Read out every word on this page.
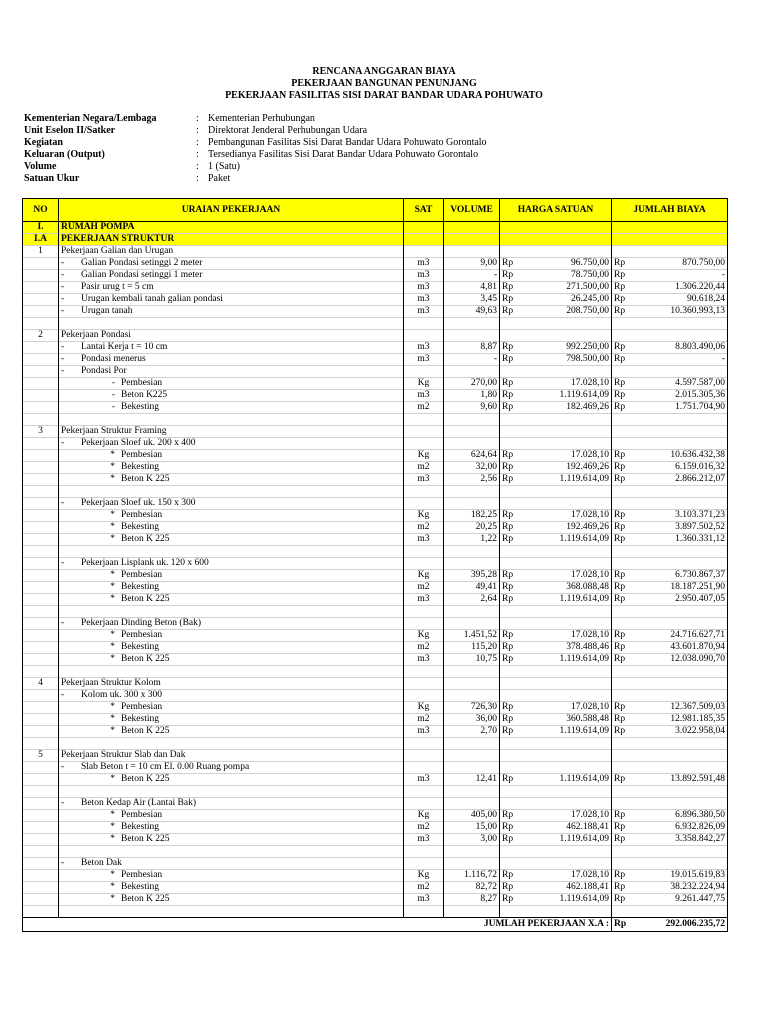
RENCANA ANGGARAN BIAYA
PEKERJAAN BANGUNAN PENUNJANG
PEKERJAAN FASILITAS SISI DARAT BANDAR UDARA POHUWATO
Kementerian Negara/Lembaga	: Kementerian Perhubungan
Unit Eselon II/Satker	: Direktorat Jenderal Perhubungan Udara
Kegiatan	: Pembangunan Fasilitas Sisi Darat Bandar Udara Pohuwato Gorontalo
Keluaran (Output)	: Tersedianya Fasilitas Sisi Darat Bandar Udara Pohuwato Gorontalo
Volume	: 1 (Satu)
Satuan Ukur	: Paket
NO	URAIAN PEKERJAAN	SAT	VOLUME	HARGA SATUAN		JUMLAH BIAYA	
I.	RUMAH POMPA						
I.A	PEKERJAAN STRUKTUR						
1	Pekerjaan Galian dan Urugan						
	- Galian Pondasi setinggi 2 meter	m3	9,00	Rp	96.750,00	Rp	870.750,00
	- Galian Pondasi setinggi 1 meter	m3	-	Rp	78.750,00	Rp	-
	- Pasir urug t = 5 cm	m3	4,81	Rp	271.500,00	Rp	1.306.220,44
	- Urugan kembali tanah galian pondasi	m3	3,45	Rp	26.245,00	Rp	90.618,24
	- Urugan tanah	m3	49,63	Rp	208.750,00	Rp	10.360.993,13

2	Pekerjaan Pondasi						
	- Lantai Kerja t = 10 cm	m3	8,87	Rp	992.250,00	Rp	8.803.490,06
	- Pondasi menerus	m3	-	Rp	798.500,00	Rp	-
	- Pondasi Por						
	- Pembesian	Kg	270,00	Rp	17.028,10	Rp	4.597.587,00
	- Beton K225	m3	1,80	Rp	1.119.614,09	Rp	2.015.305,36
	- Bekesting	m2	9,60	Rp	182.469,26	Rp	1.751.704,90

3	Pekerjaan Struktur Framing						
	- Pekerjaan Sloef uk. 200 x 400						
	* Pembesian	Kg	624,64	Rp	17.028,10	Rp	10.636.432,38
	* Bekesting	m2	32,00	Rp	192.469,26	Rp	6.159.016,32
	* Beton K 225	m3	2,56	Rp	1.119.614,09	Rp	2.866.212,07

	- Pekerjaan Sloef uk. 150 x 300						
	* Pembesian	Kg	182,25	Rp	17.028,10	Rp	3.103.371,23
	* Bekesting	m2	20,25	Rp	192.469,26	Rp	3.897.502,52
	* Beton K 225	m3	1,22	Rp	1.119.614,09	Rp	1.360.331,12

	- Pekerjaan Lisplank uk. 120 x 600						
	* Pembesian	Kg	395,28	Rp	17.028,10	Rp	6.730.867,37
	* Bekesting	m2	49,41	Rp	368.088,48	Rp	18.187.251,90
	* Beton K 225	m3	2,64	Rp	1.119.614,09	Rp	2.950.407,05

	- Pekerjaan Dinding Beton (Bak)						
	* Pembesian	Kg	1.451,52	Rp	17.028,10	Rp	24.716.627,71
	* Bekesting	m2	115,20	Rp	378.488,46	Rp	43.601.870,94
	* Beton K 225	m3	10,75	Rp	1.119.614,09	Rp	12.038.090,70

4	Pekerjaan Struktur Kolom						
	- Kolom uk. 300 x 300						
	* Pembesian	Kg	726,30	Rp	17.028,10	Rp	12.367.509,03
	* Bekesting	m2	36,00	Rp	360.588,48	Rp	12.981.185,35
	* Beton K 225	m3	2,70	Rp	1.119.614,09	Rp	3.022.958,04

5	Pekerjaan Struktur Slab dan Dak						
	- Slab Beton t = 10 cm El. 0.00 Ruang pompa						
	* Beton K 225	m3	12,41	Rp	1.119.614,09	Rp	13.892.591,48

	- Beton Kedap Air (Lantai Bak)						
	* Pembesian	Kg	405,00	Rp	17.028,10	Rp	6.896.380,50
	* Bekesting	m2	15,00	Rp	462.188,41	Rp	6.932.826,09
	* Beton K 225	m3	3,00	Rp	1.119.614,09	Rp	3.358.842,27

	- Beton Dak						
	* Pembesian	Kg	1.116,72	Rp	17.028,10	Rp	19.015.619,83
	* Bekesting	m2	82,72	Rp	462.188,41	Rp	38.232.224,94
	* Beton K 225	m3	8,27	Rp	1.119.614,09	Rp	9.261.447,75

JUMLAH PEKERJAAN X.A :						Rp	292.006.235,72
